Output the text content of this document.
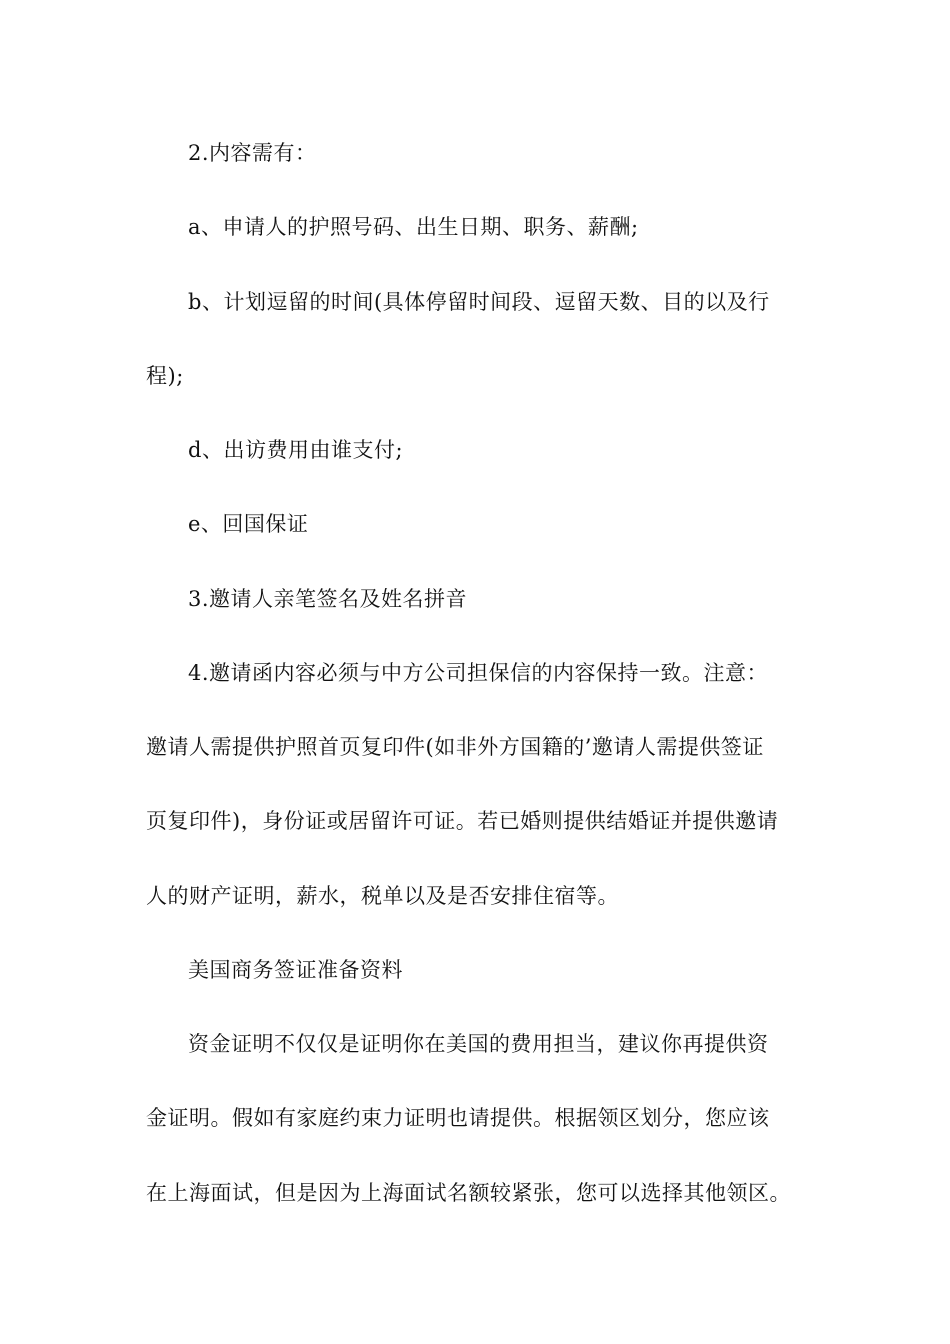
2.内容需有：
a、申请人的护照号码、出生日期、职务、薪酬;
b、计划逗留的时间(具体停留时间段、逗留天数、目的以及行
程);
d、出访费用由谁支付;
e、回国保证
3.邀请人亲笔签名及姓名拼音
4.邀请函内容必须与中方公司担保信的内容保持一致。注意：
邀请人需提供护照首页复印件(如非外方国籍的’邀请人需提供签证
页复印件)，身份证或居留许可证。若已婚则提供结婚证并提供邀请
人的财产证明，薪水，税单以及是否安排住宿等。
美国商务签证准备资料
资金证明不仅仅是证明你在美国的费用担当，建议你再提供资
金证明。假如有家庭约束力证明也请提供。根据领区划分，您应该
在上海面试，但是因为上海面试名额较紧张，您可以选择其他领区。
